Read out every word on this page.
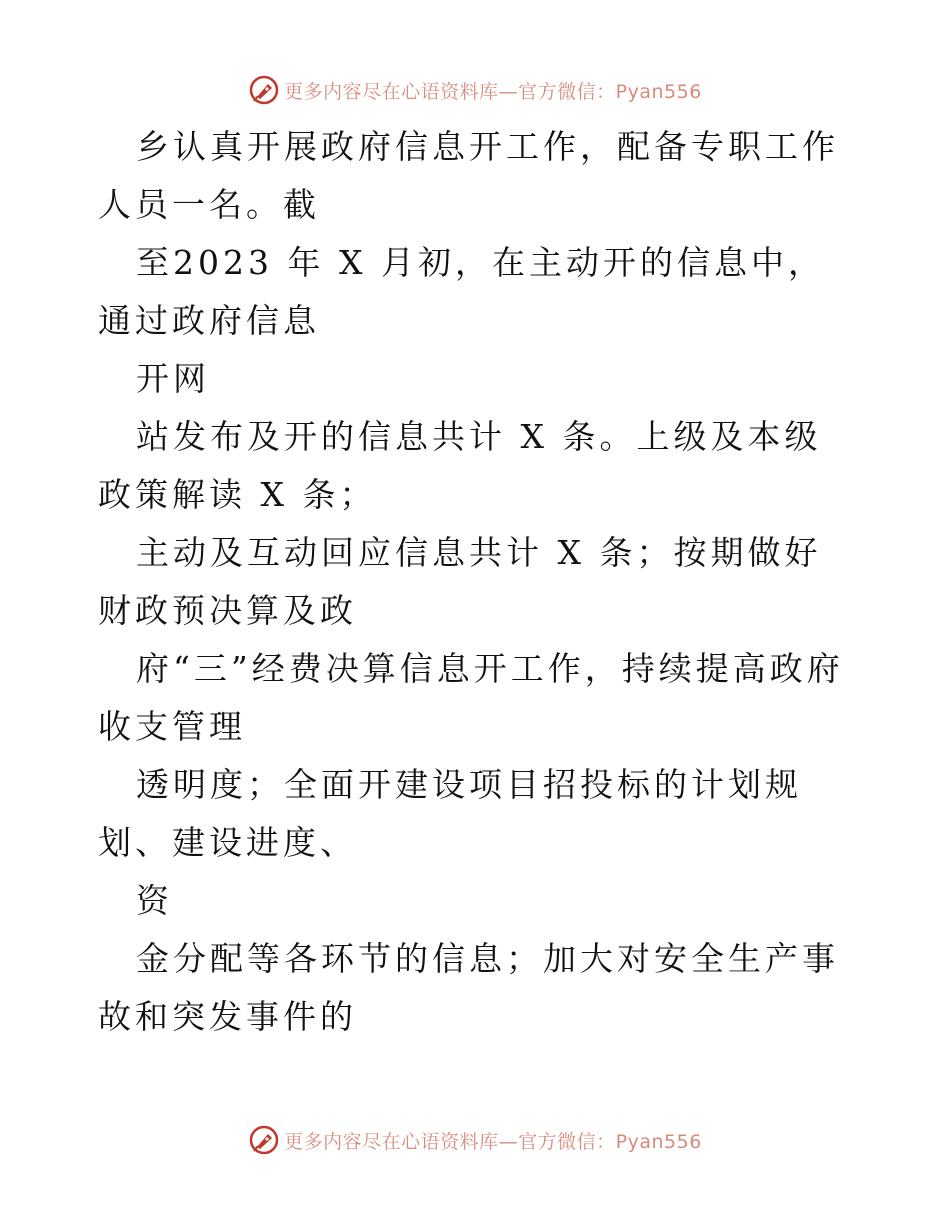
更多内容尽在心语资料库—官方微信：Pyan556

乡认真开展政府信息开工作，配备专职工作人员一名。截

至2023 年 X 月初，在主动开的信息中，通过政府信息

开网

站发布及开的信息共计 X 条。上级及本级政策解读 X 条；

主动及互动回应信息共计 X 条；按期做好财政预决算及政

府“三”经费决算信息开工作，持续提高政府收支管理

透明度；全面开建设项目招投标的计划规划、建设进度、

资

金分配等各环节的信息；加大对安全生产事故和突发事件的

更多内容尽在心语资料库—官方微信：Pyan556
